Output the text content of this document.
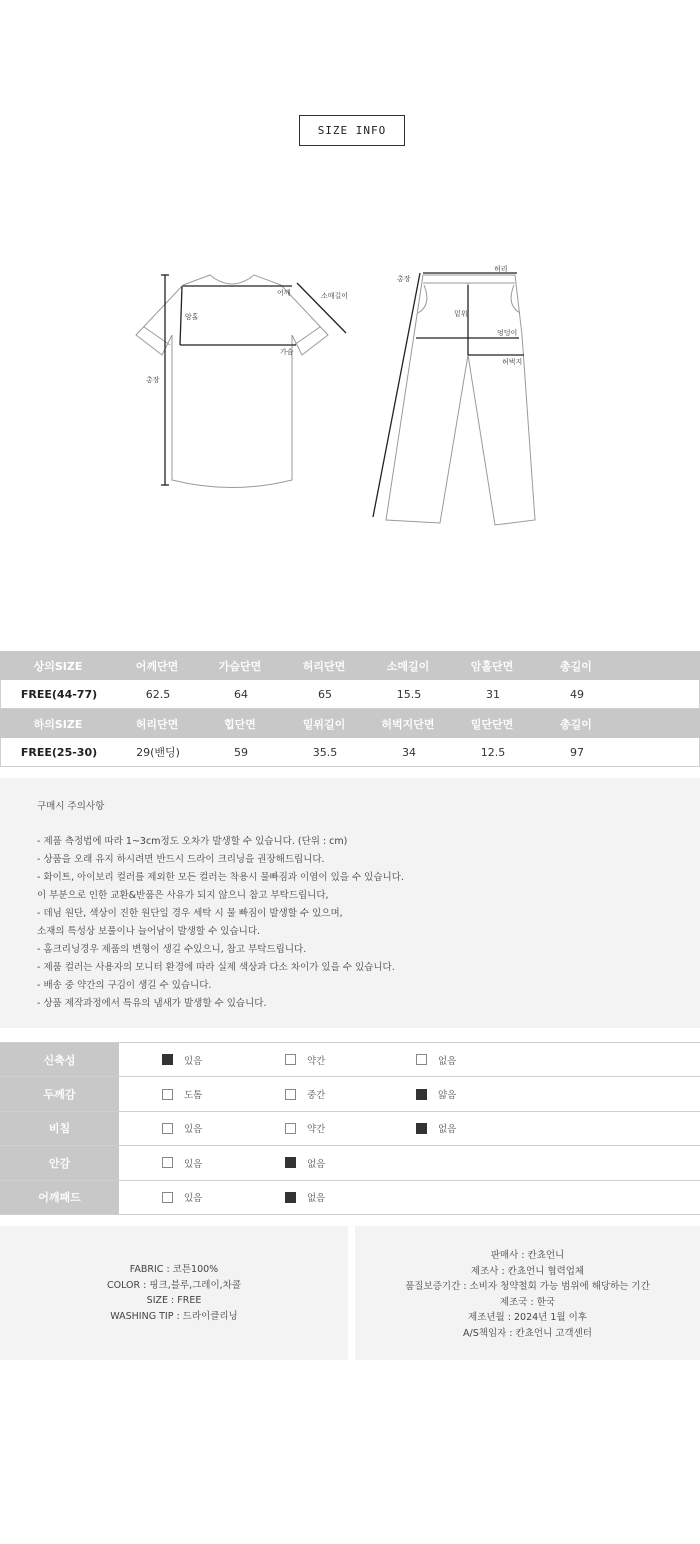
SIZE INFO
어깨	소매길이
암홀
가슴
총장
허리
총장
밑위
엉덩이
허벅지
상의SIZE	어깨단면	가슴단면	허리단면	소매길이	암홀단면	총길이
FREE(44-77)	62.5	64	65	15.5	31	49
하의SIZE	허리단면	힙단면	밑위길이	허벅지단면	밑단단면	총길이
FREE(25-30)	29(밴딩)	59	35.5	34	12.5	97
구매시 주의사항
- 제품 측정법에 따라 1~3cm정도 오차가 발생할 수 있습니다. (단위 : cm)
- 상품을 오래 유지 하시려면 반드시 드라이 크리닝을 권장해드립니다.
- 화이트, 아이보리 컬러를 제외한 모든 컬러는 착용시 물빠짐과 이염이 있을 수 있습니다.
이 부분으로 인한 교환&반품은 사유가 되지 않으니 참고 부탁드립니다,
- 데님 원단, 색상이 진한 원단일 경우 세탁 시 물 빠짐이 발생할 수 있으며,
소재의 특성상 보풀이나 늘어남이 발생할 수 있습니다.
- 홈크리닝경우 제품의 변형이 생길 수있으니, 참고 부탁드립니다.
- 제품 컬러는 사용자의 모니터 환경에 따라 실제 색상과 다소 차이가 있을 수 있습니다.
- 배송 중 약간의 구김이 생길 수 있습니다.
- 상품 제작과정에서 특유의 냄새가 발생할 수 있습니다.
신축성	있음	약간	없음
두께감	도톰	중간	얇음
비침	있음	약간	없음
안감	있음	없음
어깨패드	있음	없음
FABRIC : 코튼100%
COLOR : 핑크,블루,그레이,차콜
SIZE : FREE
WASHING TIP : 드라이클리닝
판매사 : 칸쵸언니
제조사 : 칸쵸언니 협력업체
품질보증기간 : 소비자 청약철회 가능 범위에 해당하는 기간
제조국 : 한국
제조년월 : 2024년 1월 이후
A/S책임자 : 칸쵸언니 고객센터
